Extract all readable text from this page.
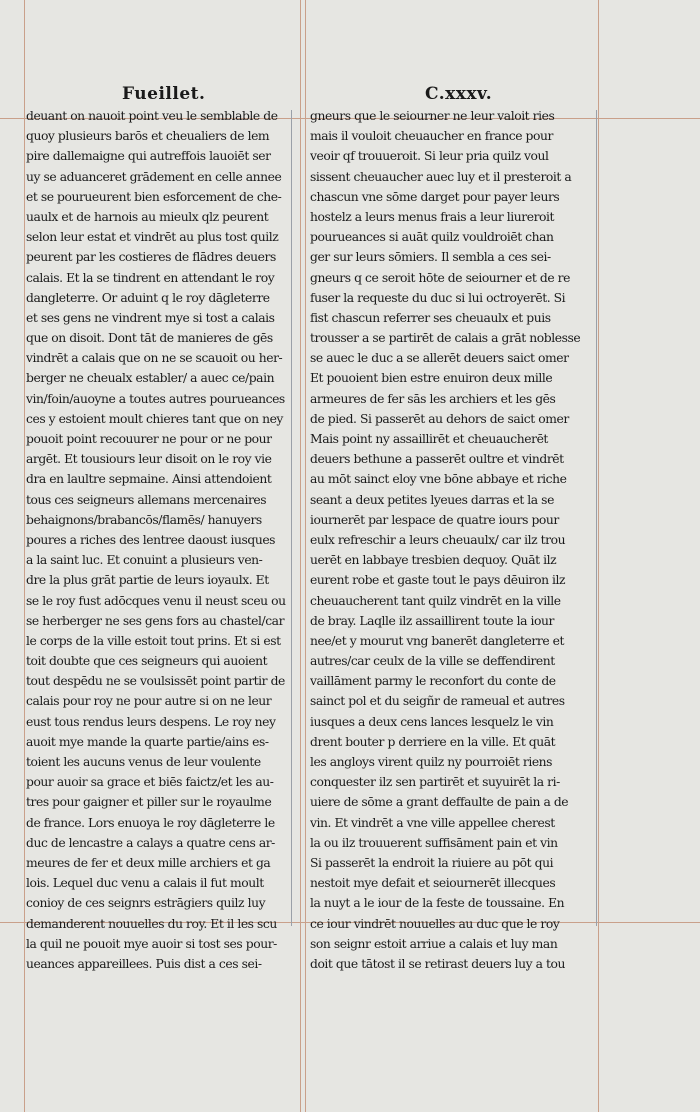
Fueillet.	C.xxxv.
deuant on nauoit point veu le semblable de
quoy plusieurs barōs et cheualiers de lem
pire dallemaigne qui autreffois lauoiēt ser
uy se aduanceret grādement en celle annee
et se pourueurent bien esforcement de che-
uaulx et de harnois au mieulx qlz peurent
selon leur estat et vindrēt au plus tost quilz
peurent par les costieres de flādres deuers
calais. Et la se tindrent en attendant le roy
dangleterre. Or aduint q le roy dāgleterre
et ses gens ne vindrent mye si tost a calais
que on disoit. Dont tāt de manieres de gēs
vindrēt a calais que on ne se scauoit ou her-
berger ne cheualx establer/ a auec ce/pain
vin/foin/auoyne a toutes autres pourueances
ces y estoient moult chieres tant que on ney
pouoit point recouurer ne pour or ne pour
argēt. Et tousiours leur disoit on le roy vie
dra en laultre sepmaine. Ainsi attendoient
tous ces seigneurs allemans mercenaires
behaignons/brabancōs/flamēs/ hanuyers
poures a riches des lentree daoust iusques
a la saint luc. Et conuint a plusieurs ven-
dre la plus grāt partie de leurs ioyaulx. Et
se le roy fust adōcques venu il neust sceu ou
se herberger ne ses gens fors au chastel/car
le corps de la ville estoit tout prins. Et si est
toit doubte que ces seigneurs qui auoient
tout despēdu ne se voulsissēt point partir de
calais pour roy ne pour autre si on ne leur
eust tous rendus leurs despens. Le roy ney
auoit mye mande la quarte partie/ains es-
toient les aucuns venus de leur voulente
pour auoir sa grace et biēs faictz/et les au-
tres pour gaigner et piller sur le royaulme
de france. Lors enuoya le roy dāgleterre le
duc de lencastre a calays a quatre cens ar-
meures de fer et deux mille archiers et ga
lois. Lequel duc venu a calais il fut moult
conioy de ces seignrs estrāgiers quilz luy
demanderent nouuelles du roy. Et il les scu
la quil ne pouoit mye auoir si tost ses pour-
ueances appareillees. Puis dist a ces sei-
gneurs que le seiourner ne leur valoit ries
mais il vouloit cheuaucher en france pour
veoir qf trouueroit. Si leur pria quilz voul
sissent cheuaucher auec luy et il presteroit a
chascun vne sōme darget pour payer leurs
hostelz a leurs menus frais a leur liureroit
pourueances si auāt quilz vouldroiēt chan
ger sur leurs sōmiers. Il sembla a ces sei-
gneurs q ce seroit hōte de seiourner et de re
fuser la requeste du duc si lui octroyerēt. Si
fist chascun referrer ses cheuaulx et puis
trousser a se partirēt de calais a grāt noblesse
se auec le duc a se allerēt deuers saict omer
Et pouoient bien estre enuiron deux mille
armeures de fer sās les archiers et les gēs
de pied. Si passerēt au dehors de saict omer
Mais point ny assaillirēt et cheuaucherēt
deuers bethune a passerēt oultre et vindrēt
au mōt sainct eloy vne bōne abbaye et riche
seant a deux petites lyeues darras et la se
iournerēt par lespace de quatre iours pour
eulx refreschir a leurs cheuaulx/ car ilz trou
uerēt en labbaye tresbien dequoy. Quāt ilz
eurent robe et gaste tout le pays dēuiron ilz
cheuaucherent tant quilz vindrēt en la ville
de bray. Laqlle ilz assaillirent toute la iour
nee/et y mourut vng banerēt dangleterre et
autres/car ceulx de la ville se deffendirent
vaillāment parmy le reconfort du conte de
sainct pol et du seigñr de rameual et autres
iusques a deux cens lances lesquelz le vin
drent bouter p derriere en la ville. Et quāt
les angloys virent quilz ny pourroiēt riens
conquester ilz sen partirēt et suyuirēt la ri-
uiere de sōme a grant deffaulte de pain a de
vin. Et vindrēt a vne ville appellee cherest
la ou ilz trouuerent suffisāment pain et vin
Si passerēt la endroit la riuiere au pōt qui
nestoit mye defait et seiournerēt illecques
la nuyt a le iour de la feste de toussaine. En
ce iour vindrēt nouuelles au duc que le roy
son seignr estoit arriue a calais et luy man
doit que tātost il se retirast deuers luy a tou
